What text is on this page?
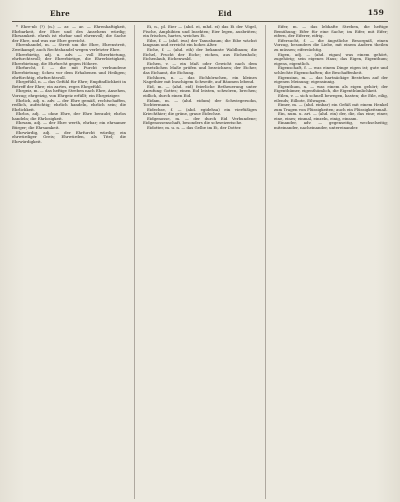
Ehre	Eid	159

* Ehre-nb (?) (n.) — ar. — ar. — Ehrenhaftigkeit, Ehrbarkeit, der Ehre und des Ansehens würdig; Ehrsamkeit. ehrnh ist ehrbar und ehrenvoll; die Sache der Ehre, und was zur Ehre gereicht.

Ehrenhandel, m. — Streit um die Ehre, Ehrenstreit, Zweikampf; auch Rechtshandel wegen verletzter Ehre.

Ehrerbietig, adj. u. adv. — voll Ehrerbietung, ehrfurchtsvoll; der Ehrerbietige, die Ehrerbietigkeit, Ehrerbietung, die Ehrfurcht gegen Höhere.

Ehrfurcht, f. — die mit Furcht verbundene Ehrerbietung; Scheu vor dem Erhabenen und Heiligen; ehrfürchtig, ehrfurchtsvoll.

Ehrgefühl, n. — das Gefühl für Ehre; Empfindlichkeit in Betreff der Ehre; ein zartes, reges Ehrgefühl.

Ehrgeiz, m. — das heftige Streben nach Ehre, Ansehen, Vorzug; ehrgeizig, von Ehrgeiz erfüllt; ein Ehrgeiziger.

Ehrlich, adj. u. adv. — der Ehre gemäß, rechtschaffen, redlich, aufrichtig; ehrlich handeln, ehrlich sein; die Ehrlichkeit.

Ehrlos, adj. — ohne Ehre, der Ehre beraubt; ehrlos handeln; die Ehrlosigkeit.

Ehrsam, adj. — der Ehre werth, ehrbar; ein ehrsamer Bürger; die Ehrsamkeit.

Ehrwürdig, adj. — der Ehrfurcht würdig; ein ehrwürdiger Greis; Ehrwürden, als Titel; die Ehrwürdigkeit.

Ei, n., pl. Eier — (ahd. ei, mhd. ei) das Ei der Vögel, Fische, Amphibien und Insekten; Eier legen, ausbrüten; ein frisches, hartes, weiches Ei.

Eibe, f. — (ahd. iwa) der Taxusbaum; die Eibe wächst langsam und erreicht ein hohes Alter.

Eiche, f. — (ahd. eih) der bekannte Waldbaum; die Eichel, Frucht der Eiche; eichen, aus Eichenholz; Eichenlaub, Eichenwald.

Eichen, v. — ein Maß oder Gewicht nach dem gesetzlichen Maße prüfen und bezeichnen; der Eicher, das Eichamt, die Eichung.

Eichhorn, n. — das Eichhörnchen, ein kleines Nagethier mit buschigem Schweife, auf Bäumen lebend.

Eid, m. — (ahd. eid) feierliche Betheuerung unter Anrufung Gottes; einen Eid leisten, schwören, brechen; eidlich, durch einen Eid.

Eidam, m. — (ahd. eidum) der Schwiegersohn, Tochtermann.

Eidechse, f. — (ahd. egidehsa) ein vierfüßiges Kriechthier; die grüne, graue Eidechse.

Eidgenosse, m. — der durch Eid Verbundene; Eidgenossenschaft, besonders die schweizerische.

Eidotter, m. u. n. — das Gelbe im Ei, der Dotter.

Eifer, m. — das lebhafte Streben, die heftige Bemühung; Eifer für eine Sache; im Eifer, mit Eifer; eifern, der Eiferer, eifrig.

Eifersucht, f. — die ängstliche Besorgniß, einen Vorzug, besonders die Liebe, mit einem Andern theilen zu müssen; eifersüchtig.

Eigen, adj. — (ahd. eigan) was einem gehört, zugehörig; sein eigenes Haus; das Eigen, Eigenthum; eigens, eigentlich.

Eigenschaft, f. — was einem Dinge eigen ist; gute und schlechte Eigenschaften; die Beschaffenheit.

Eigensinn, m. — das hartnäckige Bestehen auf der eigenen Meinung; eigensinnig.

Eigenthum, n. — was einem als eigen gehört; der Eigenthümer, eigenthümlich, die Eigenthümlichkeit.

Eilen, v. — sich schnell bewegen, hasten; die Eile, eilig, eilends; Eilbote, Eilwagen.

Eimer, m. — (ahd. einbar) ein Gefäß mit einem Henkel zum Tragen von Flüssigkeiten; auch ein Flüssigkeitsmaß.

Ein, num. u. art. — (ahd. ein) der, die, das eine; einer, eine, eines; einmal, einzeln, einig, einsam.

Einander, adv. — gegenseitig, wechselseitig; miteinander, nacheinander, untereinander.
